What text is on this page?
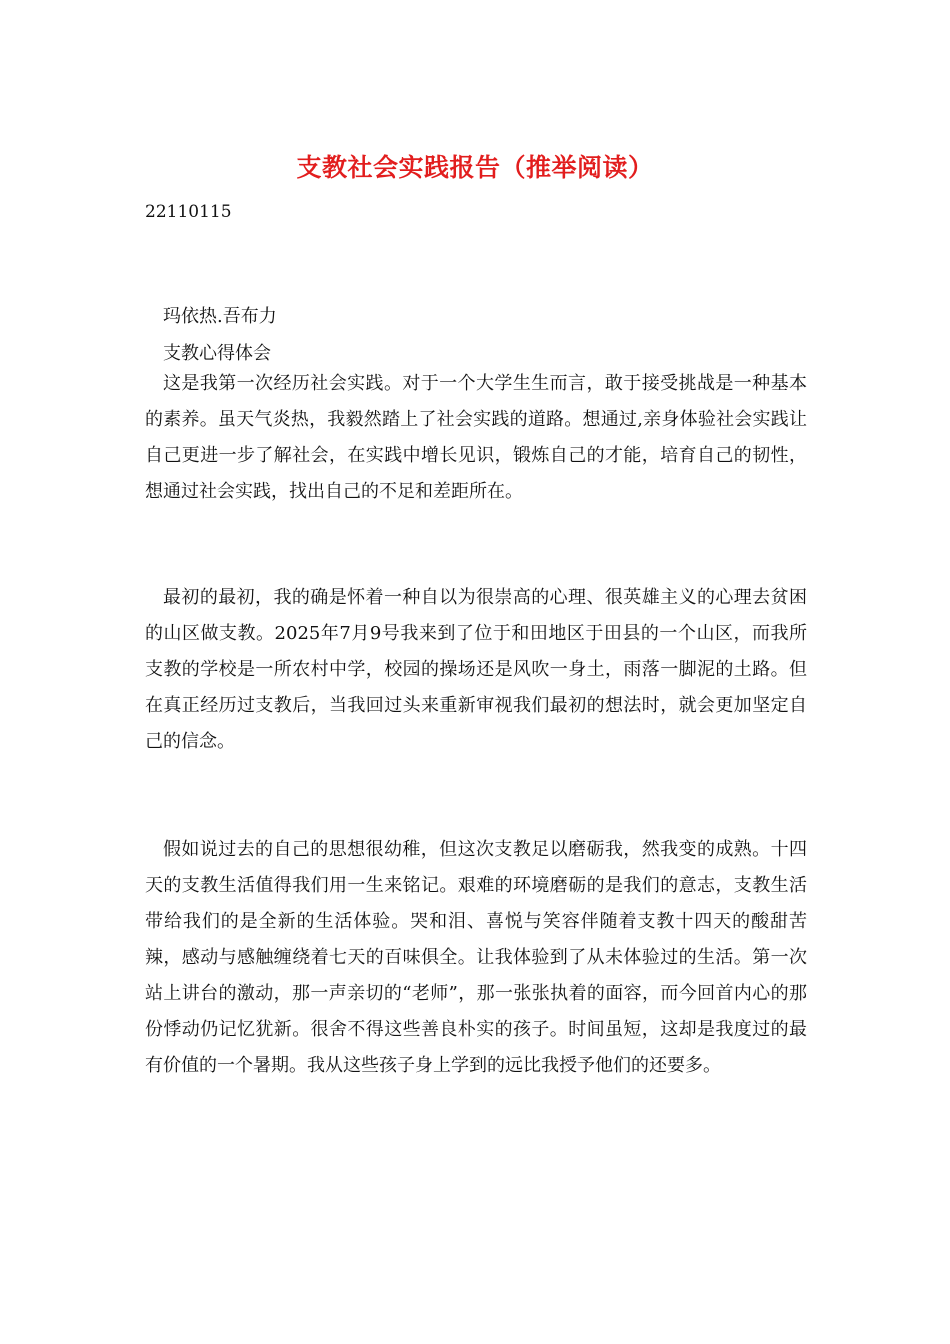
支教社会实践报告（推举阅读）
22110115
玛依热.吾布力
支教心得体会

这是我第一次经历社会实践。对于一个大学生生而言，敢于接受挑战是一种基本的素养。虽天气炎热，我毅然踏上了社会实践的道路。想通过,亲身体验社会实践让自己更进一步了解社会，在实践中增长见识，锻炼自己的才能，培育自己的韧性，想通过社会实践，找出自己的不足和差距所在。

最初的最初，我的确是怀着一种自以为很崇高的心理、很英雄主义的心理去贫困的山区做支教。2025年7月9号我来到了位于和田地区于田县的一个山区，而我所支教的学校是一所农村中学，校园的操场还是风吹一身土，雨落一脚泥的土路。但在真正经历过支教后，当我回过头来重新审视我们最初的想法时，就会更加坚定自己的信念。

假如说过去的自己的思想很幼稚，但这次支教足以磨砺我，然我变的成熟。十四天的支教生活值得我们用一生来铭记。艰难的环境磨砺的是我们的意志，支教生活带给我们的是全新的生活体验。哭和泪、喜悦与笑容伴随着支教十四天的酸甜苦辣，感动与感触缠绕着七天的百味俱全。让我体验到了从未体验过的生活。第一次站上讲台的激动，那一声亲切的“老师”，那一张张执着的面容，而今回首内心的那份悸动仍记忆犹新。很舍不得这些善良朴实的孩子。时间虽短，这却是我度过的最有价值的一个暑期。我从这些孩子身上学到的远比我授予他们的还要多。
